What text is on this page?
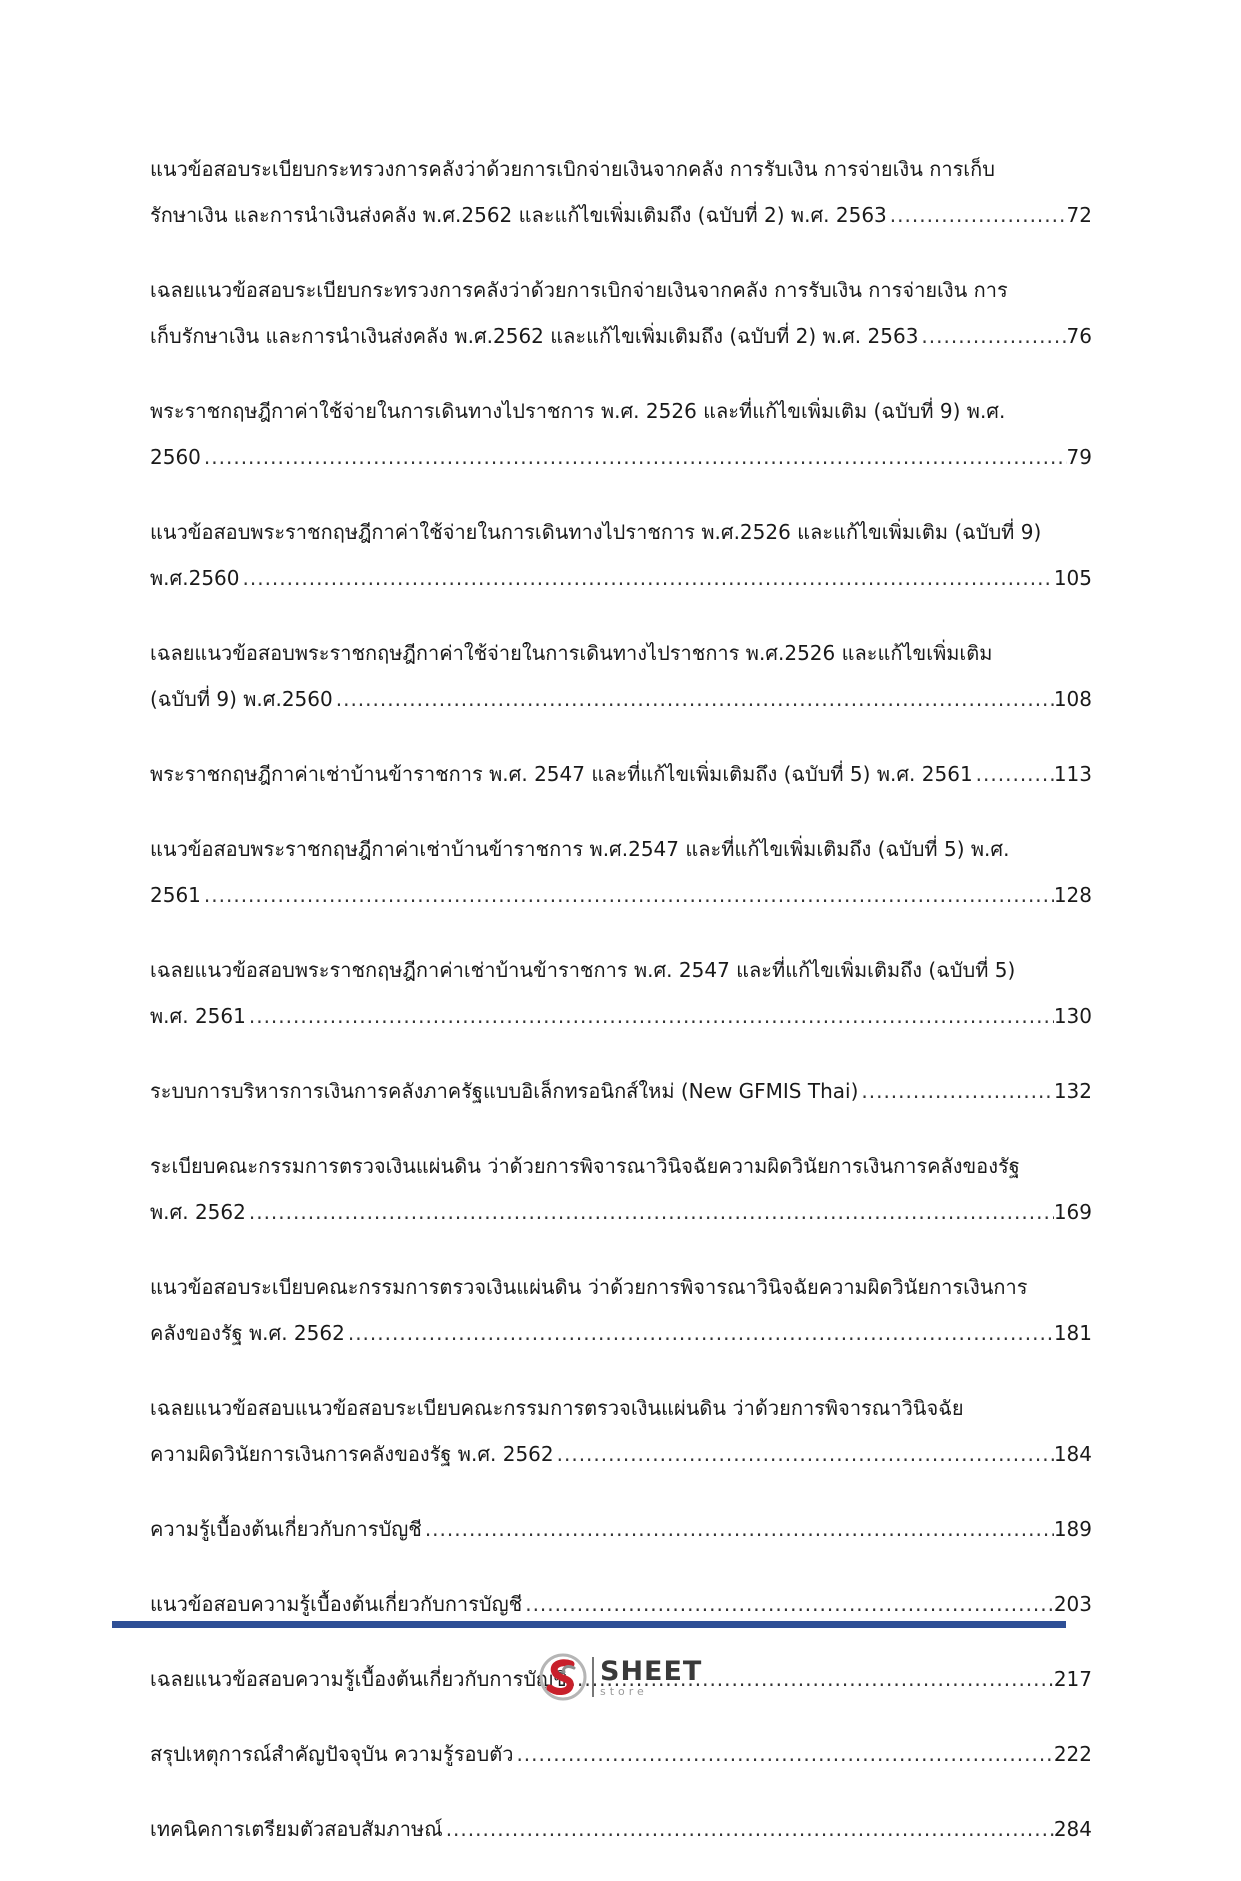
แนวข้อสอบระเบียบกระทรวงการคลังว่าด้วยการเบิกจ่ายเงินจากคลัง การรับเงิน การจ่ายเงิน การเก็บ
รักษาเงิน และการนำเงินส่งคลัง พ.ศ.2562 และแก้ไขเพิ่มเติมถึง (ฉบับที่ 2) พ.ศ. 2563 .....	72
เฉลยแนวข้อสอบระเบียบกระทรวงการคลังว่าด้วยการเบิกจ่ายเงินจากคลัง การรับเงิน การจ่ายเงิน การ
เก็บรักษาเงิน และการนำเงินส่งคลัง พ.ศ.2562 และแก้ไขเพิ่มเติมถึง (ฉบับที่ 2) พ.ศ. 2563 .....	76
พระราชกฤษฎีกาค่าใช้จ่ายในการเดินทางไปราชการ พ.ศ. 2526 และที่แก้ไขเพิ่มเติม (ฉบับที่ 9) พ.ศ.
2560 .....	79
แนวข้อสอบพระราชกฤษฎีกาค่าใช้จ่ายในการเดินทางไปราชการ พ.ศ.2526 และแก้ไขเพิ่มเติม (ฉบับที่ 9)
พ.ศ.2560 .....	105
เฉลยแนวข้อสอบพระราชกฤษฎีกาค่าใช้จ่ายในการเดินทางไปราชการ พ.ศ.2526 และแก้ไขเพิ่มเติม
(ฉบับที่ 9) พ.ศ.2560 .....	108
พระราชกฤษฎีกาค่าเช่าบ้านข้าราชการ พ.ศ. 2547 และที่แก้ไขเพิ่มเติมถึง (ฉบับที่ 5) พ.ศ. 2561 .....	113
แนวข้อสอบพระราชกฤษฎีกาค่าเช่าบ้านข้าราชการ พ.ศ.2547 และที่แก้ไขเพิ่มเติมถึง (ฉบับที่ 5) พ.ศ.
2561 .....	128
เฉลยแนวข้อสอบพระราชกฤษฎีกาค่าเช่าบ้านข้าราชการ พ.ศ. 2547 และที่แก้ไขเพิ่มเติมถึง (ฉบับที่ 5)
พ.ศ. 2561 .....	130
ระบบการบริหารการเงินการคลังภาครัฐแบบอิเล็กทรอนิกส์ใหม่ (New GFMIS Thai) .....	132
ระเบียบคณะกรรมการตรวจเงินแผ่นดิน ว่าด้วยการพิจารณาวินิจฉัยความผิดวินัยการเงินการคลังของรัฐ
พ.ศ. 2562 .....	169
แนวข้อสอบระเบียบคณะกรรมการตรวจเงินแผ่นดิน ว่าด้วยการพิจารณาวินิจฉัยความผิดวินัยการเงินการ
คลังของรัฐ พ.ศ. 2562 .....	181
เฉลยแนวข้อสอบแนวข้อสอบระเบียบคณะกรรมการตรวจเงินแผ่นดิน ว่าด้วยการพิจารณาวินิจฉัย
ความผิดวินัยการเงินการคลังของรัฐ พ.ศ. 2562 .....	184
ความรู้เบื้องต้นเกี่ยวกับการบัญชี .....	189
แนวข้อสอบความรู้เบื้องต้นเกี่ยวกับการบัญชี .....	203
เฉลยแนวข้อสอบความรู้เบื้องต้นเกี่ยวกับการบัญชี .....	217
สรุปเหตุการณ์สำคัญปัจจุบัน ความรู้รอบตัว .....	222
เทคนิคการเตรียมตัวสอบสัมภาษณ์ .....	284
SHEET
store
